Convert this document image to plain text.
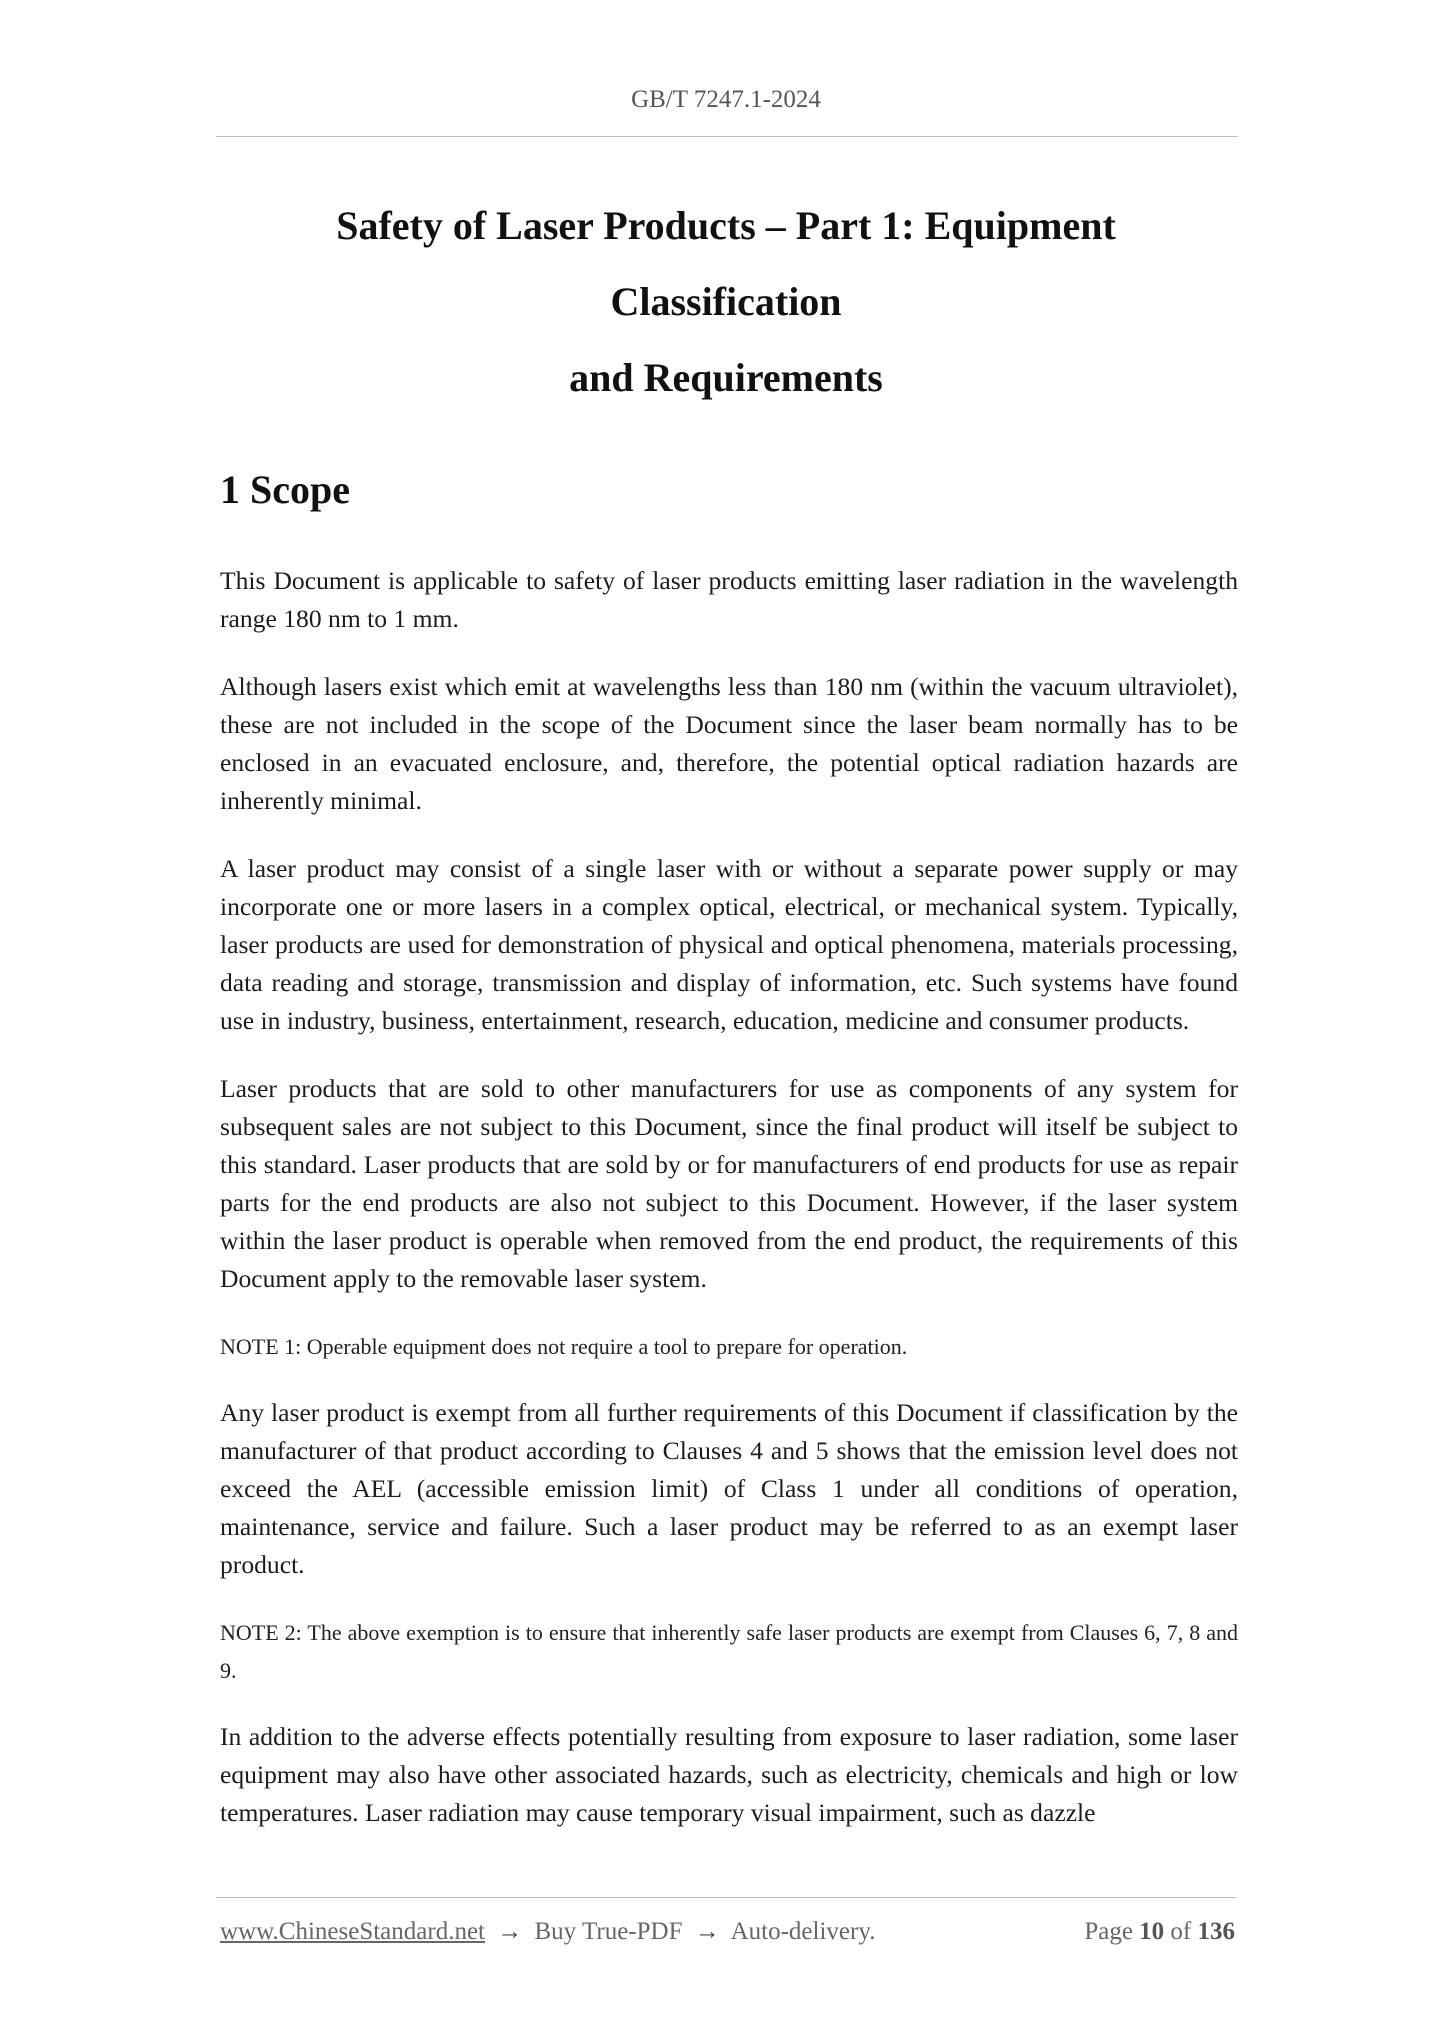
GB/T 7247.1-2024
Safety of Laser Products – Part 1: Equipment Classification
and Requirements
1 Scope

This Document is applicable to safety of laser products emitting laser radiation in the wavelength range 180 nm to 1 mm.

Although lasers exist which emit at wavelengths less than 180 nm (within the vacuum ultraviolet), these are not included in the scope of the Document since the laser beam normally has to be enclosed in an evacuated enclosure, and, therefore, the potential optical radiation hazards are inherently minimal.

A laser product may consist of a single laser with or without a separate power supply or may incorporate one or more lasers in a complex optical, electrical, or mechanical system. Typically, laser products are used for demonstration of physical and optical phenomena, materials processing, data reading and storage, transmission and display of information, etc. Such systems have found use in industry, business, entertainment, research, education, medicine and consumer products.

Laser products that are sold to other manufacturers for use as components of any system for subsequent sales are not subject to this Document, since the final product will itself be subject to this standard. Laser products that are sold by or for manufacturers of end products for use as repair parts for the end products are also not subject to this Document. However, if the laser system within the laser product is operable when removed from the end product, the requirements of this Document apply to the removable laser system.

NOTE 1: Operable equipment does not require a tool to prepare for operation.

Any laser product is exempt from all further requirements of this Document if classification by the manufacturer of that product according to Clauses 4 and 5 shows that the emission level does not exceed the AEL (accessible emission limit) of Class 1 under all conditions of operation, maintenance, service and failure. Such a laser product may be referred to as an exempt laser product.

NOTE 2: The above exemption is to ensure that inherently safe laser products are exempt from Clauses 6, 7, 8 and 9.

In addition to the adverse effects potentially resulting from exposure to laser radiation, some laser equipment may also have other associated hazards, such as electricity, chemicals and high or low temperatures. Laser radiation may cause temporary visual impairment, such as dazzle

www.ChineseStandard.net → Buy True-PDF → Auto-delivery.	Page 10 of 136
